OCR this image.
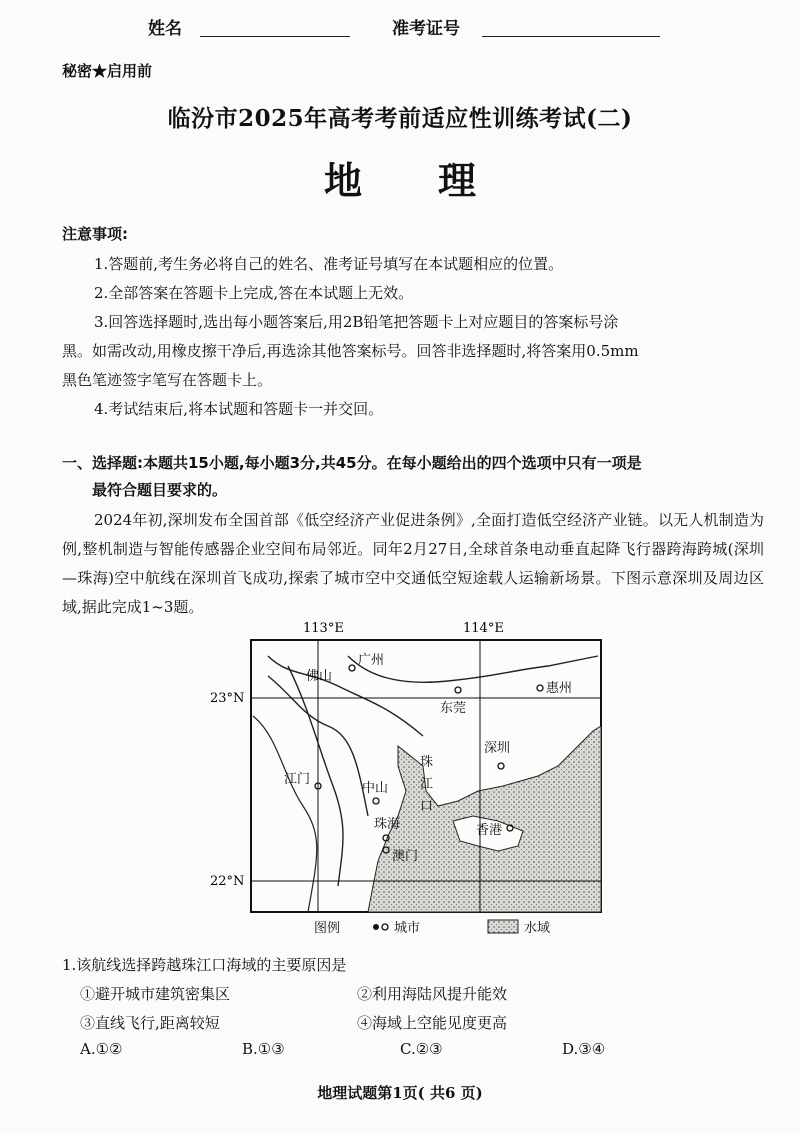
姓名	准考证号
秘密★启用前
临汾市2025年高考考前适应性训练考试(二)
地 理
注意事项:
1.答题前,考生务必将自己的姓名、准考证号填写在本试题相应的位置。
2.全部答案在答题卡上完成,答在本试题上无效。
3.回答选择题时,选出每小题答案后,用2B铅笔把答题卡上对应题目的答案标号涂
黑。如需改动,用橡皮擦干净后,再选涂其他答案标号。回答非选择题时,将答案用0.5mm
黑色笔迹签字笔写在答题卡上。
4.考试结束后,将本试题和答题卡一并交回。
一、选择题:本题共15小题,每小题3分,共45分。在每小题给出的四个选项中只有一项是
最符合题目要求的。
2024年初,深圳发布全国首部《低空经济产业促进条例》,全面打造低空经济产业链。以无人机制造为例,整机制造与智能传感器企业空间布局邻近。同年2月27日,全球首条电动垂直起降飞行器跨海跨城(深圳—珠海)空中航线在深圳首飞成功,探索了城市空中交通低空短途载人运输新场景。下图示意深圳及周边区域,据此完成1~3题。
113°E	114°E
23°N
22°N
广州
佛山
惠州
东莞
深圳
江门
中山
珠海	香港
澳门
珠
江
口
图例	城市	水域
1.该航线选择跨越珠江口海域的主要原因是
①避开城市建筑密集区	②利用海陆风提升能效
③直线飞行,距离较短	④海域上空能见度更高
A.①②	B.①③	C.②③	D.③④
地理试题第1页( 共6 页)
